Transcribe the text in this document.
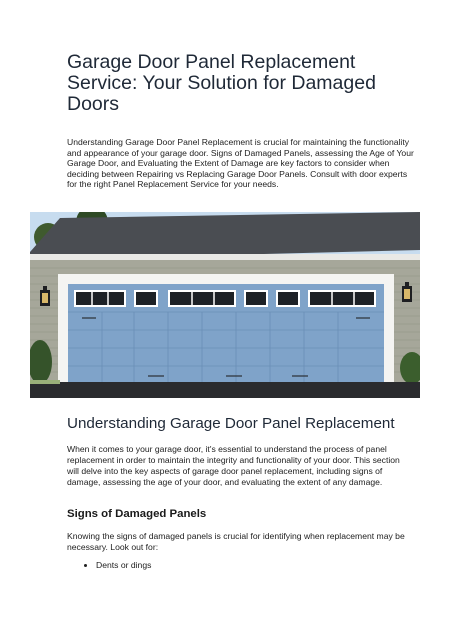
Garage Door Panel Replacement Service: Your Solution for Damaged Doors

Understanding Garage Door Panel Replacement is crucial for maintaining the functionality and appearance of your garage door. Signs of Damaged Panels, assessing the Age of Your Garage Door, and Evaluating the Extent of Damage are key factors to consider when deciding between Repairing vs Replacing Garage Door Panels. Consult with door experts for the right Panel Replacement Service for your needs.

Understanding Garage Door Panel Replacement

When it comes to your garage door, it's essential to understand the process of panel replacement in order to maintain the integrity and functionality of your door. This section will delve into the key aspects of garage door panel replacement, including signs of damage, assessing the age of your door, and evaluating the extent of any damage.

Signs of Damaged Panels

Knowing the signs of damaged panels is crucial for identifying when replacement may be necessary. Look out for:

Dents or dings
